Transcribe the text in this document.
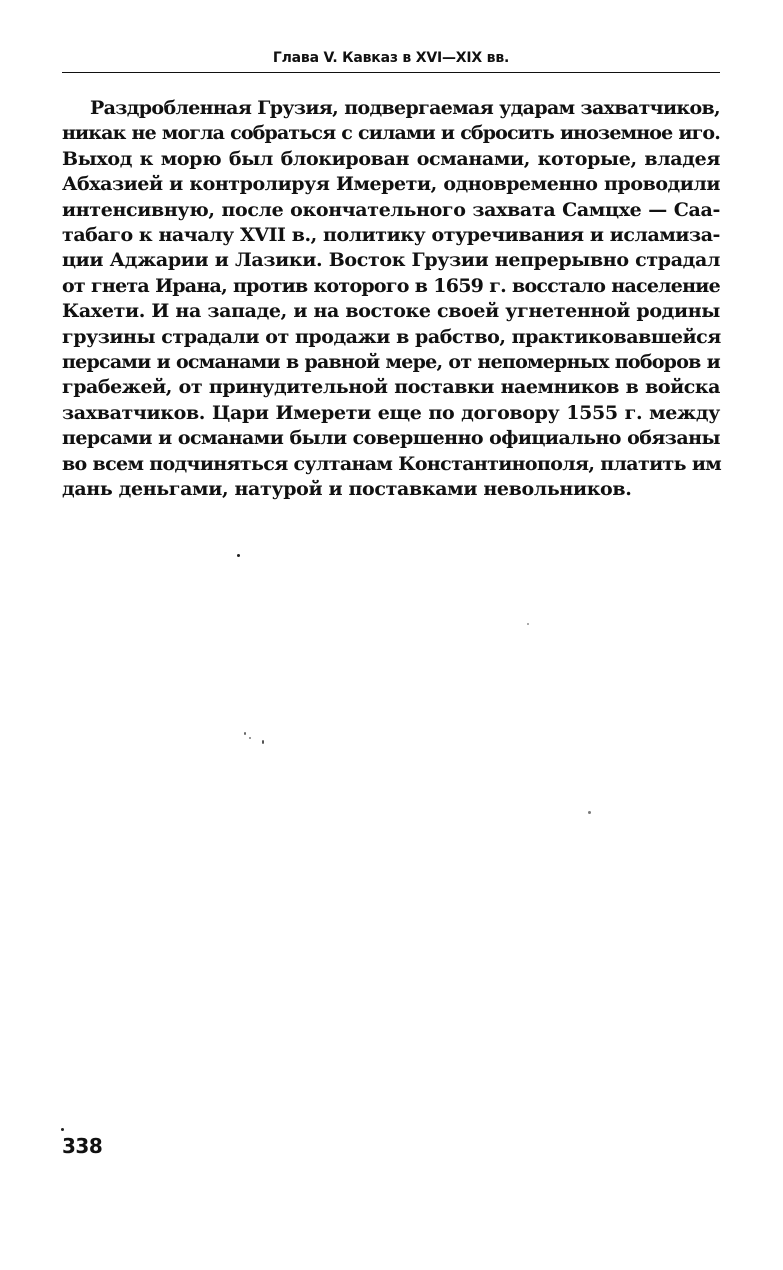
Глава V. Кавказ в XVI—XIX вв.
Раздробленная Грузия, подвергаемая ударам захватчиков,
никак не могла собраться с силами и сбросить иноземное иго.
Выход к морю был блокирован османами, которые, владея
Абхазией и контролируя Имерети, одновременно проводили
интенсивную, после окончательного захвата Самцхе — Саа-
табаго к началу XVII в., политику отуречивания и исламиза-
ции Аджарии и Лазики. Восток Грузии непрерывно страдал
от гнета Ирана, против которого в 1659 г. восстало население
Кахети. И на западе, и на востоке своей угнетенной родины
грузины страдали от продажи в рабство, практиковавшейся
персами и османами в равной мере, от непомерных поборов и
грабежей, от принудительной поставки наемников в войска
захватчиков. Цари Имерети еще по договору 1555 г. между
персами и османами были совершенно официально обязаны
во всем подчиняться султанам Константинополя, платить им
дань деньгами, натурой и поставками невольников.
338
